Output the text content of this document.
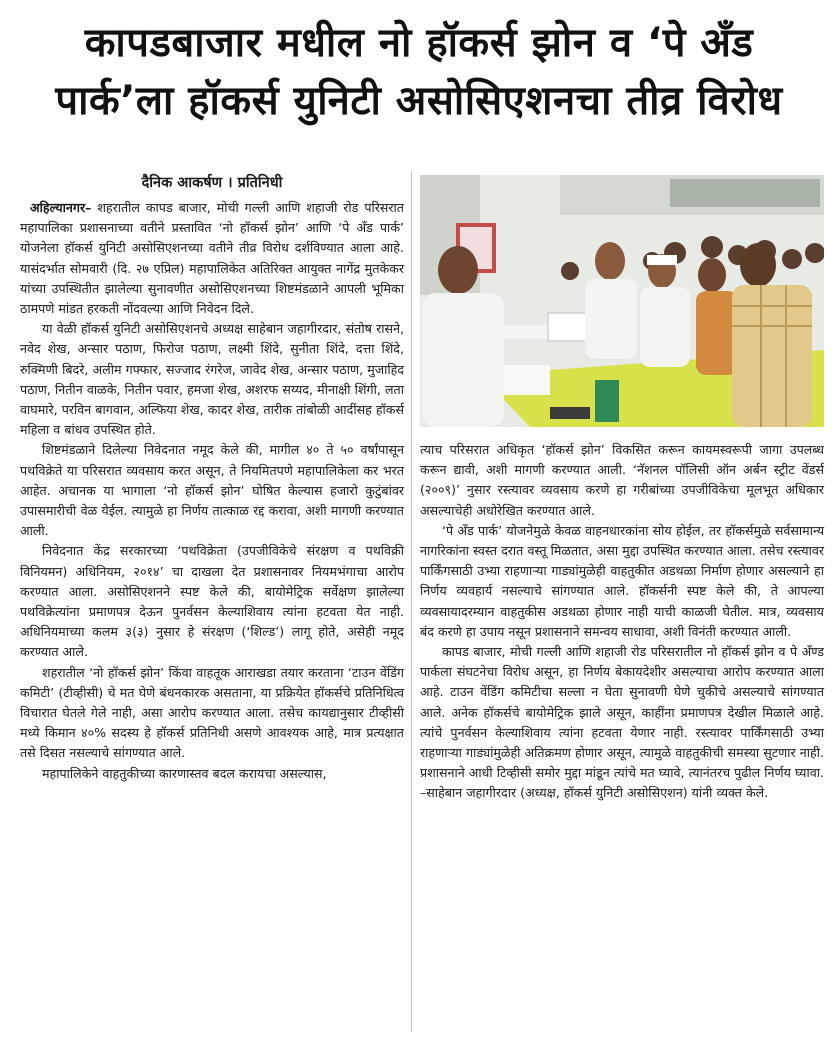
कापडबाजार मधील नो हॉकर्स झोन व ‘पे अँड
पार्क’ला हॉकर्स युनिटी असोसिएशनचा तीव्र विरोध
दैनिक आकर्षण । प्रतिनिधी

अहिल्यानगर– शहरातील कापड बाजार, मोची गल्ली आणि शहाजी रोड परिसरात महापालिका प्रशासनाच्या वतीने प्रस्तावित ‘नो हॉकर्स झोन’ आणि ‘पे अँड पार्क’ योजनेला हॉकर्स युनिटी असोसिएशनच्या वतीने तीव्र विरोध दर्शविण्यात आला आहे. यासंदर्भात सोमवारी (दि. २७ एप्रिल) महापालिकेत अतिरिक्त आयुक्त नागेंद्र मुतकेकर यांच्या उपस्थितीत झालेल्या सुनावणीत असोसिएशनच्या शिष्टमंडळाने आपली भूमिका ठामपणे मांडत हरकती नोंदवल्या आणि निवेदन दिले.

या वेळी हॉकर्स युनिटी असोसिएशनचे अध्यक्ष साहेबान जहागीरदार, संतोष रासने, नवेद शेख, अन्सार पठाण, फिरोज पठाण, लक्ष्मी शिंदे, सुनीता शिंदे, दत्ता शिंदे, रुक्मिणी बिदरे, अलीम गफ्फार, सज्जाद रंगरेज, जावेद शेख, अन्सार पठाण, मुजाहिद पठाण, नितीन वाळके, नितीन पवार, हमजा शेख, अशरफ सय्यद, मीनाक्षी शिंगी, लता वाघमारे, परविन बागवान, अल्फिया शेख, कादर शेख, तारीक तांबोळी आदींसह हॉकर्स महिला व बांधव उपस्थित होते.

शिष्टमंडळाने दिलेल्या निवेदनात नमूद केले की, मागील ४० ते ५० वर्षांपासून पथविक्रेते या परिसरात व्यवसाय करत असून, ते नियमितपणे महापालिकेला कर भरत आहेत. अचानक या भागाला ‘नो हॉकर्स झोन’ घोषित केल्यास हजारो कुटुंबांवर उपासमारीची वेळ येईल. त्यामुळे हा निर्णय तात्काळ रद्द करावा, अशी मागणी करण्यात आली.

निवेदनात केंद्र सरकारच्या ‘पथविक्रेता (उपजीविकेचे संरक्षण व पथविक्री विनियमन) अधिनियम, २०१४’ चा दाखला देत प्रशासनावर नियमभंगाचा आरोप करण्यात आला. असोसिएशनने स्पष्ट केले की, बायोमेट्रिक सर्वेक्षण झालेल्या पथविक्रेत्यांना प्रमाणपत्र देऊन पुनर्वसन केल्याशिवाय त्यांना हटवता येत नाही. अधिनियमाच्या कलम ३(३) नुसार हे संरक्षण (‘शिल्ड’) लागू होते, असेही नमूद करण्यात आले.

शहरातील ‘नो हॉकर्स झोन’ किंवा वाहतूक आराखडा तयार करताना ‘टाउन वेंडिंग कमिटी’ (टीव्हीसी) चे मत घेणे बंधनकारक असताना, या प्रक्रियेत हॉकर्सचे प्रतिनिधित्व विचारात घेतले गेले नाही, असा आरोप करण्यात आला. तसेच कायद्यानुसार टीव्हीसी मध्ये किमान ४०% सदस्य हे हॉकर्स प्रतिनिधी असणे आवश्यक आहे, मात्र प्रत्यक्षात तसे दिसत नसल्याचे सांगण्यात आले.

महापालिकेने वाहतुकीच्या कारणास्तव बदल करायचा असल्यास,

त्याच परिसरात अधिकृत ‘हॉकर्स झोन’ विकसित करून कायमस्वरूपी जागा उपलब्ध करून द्यावी, अशी मागणी करण्यात आली. ‘नॅशनल पॉलिसी ऑन अर्बन स्ट्रीट वेंडर्स (२००९)’ नुसार रस्त्यावर व्यवसाय करणे हा गरीबांच्या उपजीविकेचा मूलभूत अधिकार असल्याचेही अधोरेखित करण्यात आले.

‘पे अँड पार्क’ योजनेमुळे केवळ वाहनधारकांना सोय होईल, तर हॉकर्समुळे सर्वसामान्य नागरिकांना स्वस्त दरात वस्तू मिळतात, असा मुद्दा उपस्थित करण्यात आला. तसेच रस्त्यावर पार्किंगसाठी उभ्या राहणाऱ्या गाड्यांमुळेही वाहतुकीत अडथळा निर्माण होणार असल्याने हा निर्णय व्यवहार्य नसल्याचे सांगण्यात आले. हॉकर्सनी स्पष्ट केले की, ते आपल्या व्यवसायादरम्यान वाहतुकीस अडथळा होणार नाही याची काळजी घेतील. मात्र, व्यवसाय बंद करणे हा उपाय नसून प्रशासनाने समन्वय साधावा, अशी विनंती करण्यात आली.

कापड बाजार, मोची गल्ली आणि शहाजी रोड परिसरातील नो हॉकर्स झोन व पे अँण्ड पार्कला संघटनेचा विरोध असून, हा निर्णय बेकायदेशीर असल्याचा आरोप करण्यात आला आहे. टाउन वेंडिंग कमिटीचा सल्ला न घेता सुनावणी घेणे चुकीचे असल्याचे सांगण्यात आले. अनेक हॉकर्सचे बायोमेट्रिक झाले असून, काहींना प्रमाणपत्र देखील मिळाले आहे. त्यांचे पुनर्वसन केल्याशिवाय त्यांना हटवता येणार नाही. रस्त्यावर पार्किंगसाठी उभ्या राहणाऱ्या गाड्यांमुळेही अतिक्रमण होणार असून, त्यामुळे वाहतुकीची समस्या सुटणार नाही. प्रशासनाने आधी टिव्हीसी समोर मुद्दा मांडून त्यांचे मत घ्यावे, त्यानंतरच पुढील निर्णय घ्यावा. –साहेबान जहागीरदार (अध्यक्ष, हॉकर्स युनिटी असोसिएशन) यांनी व्यक्त केले.
